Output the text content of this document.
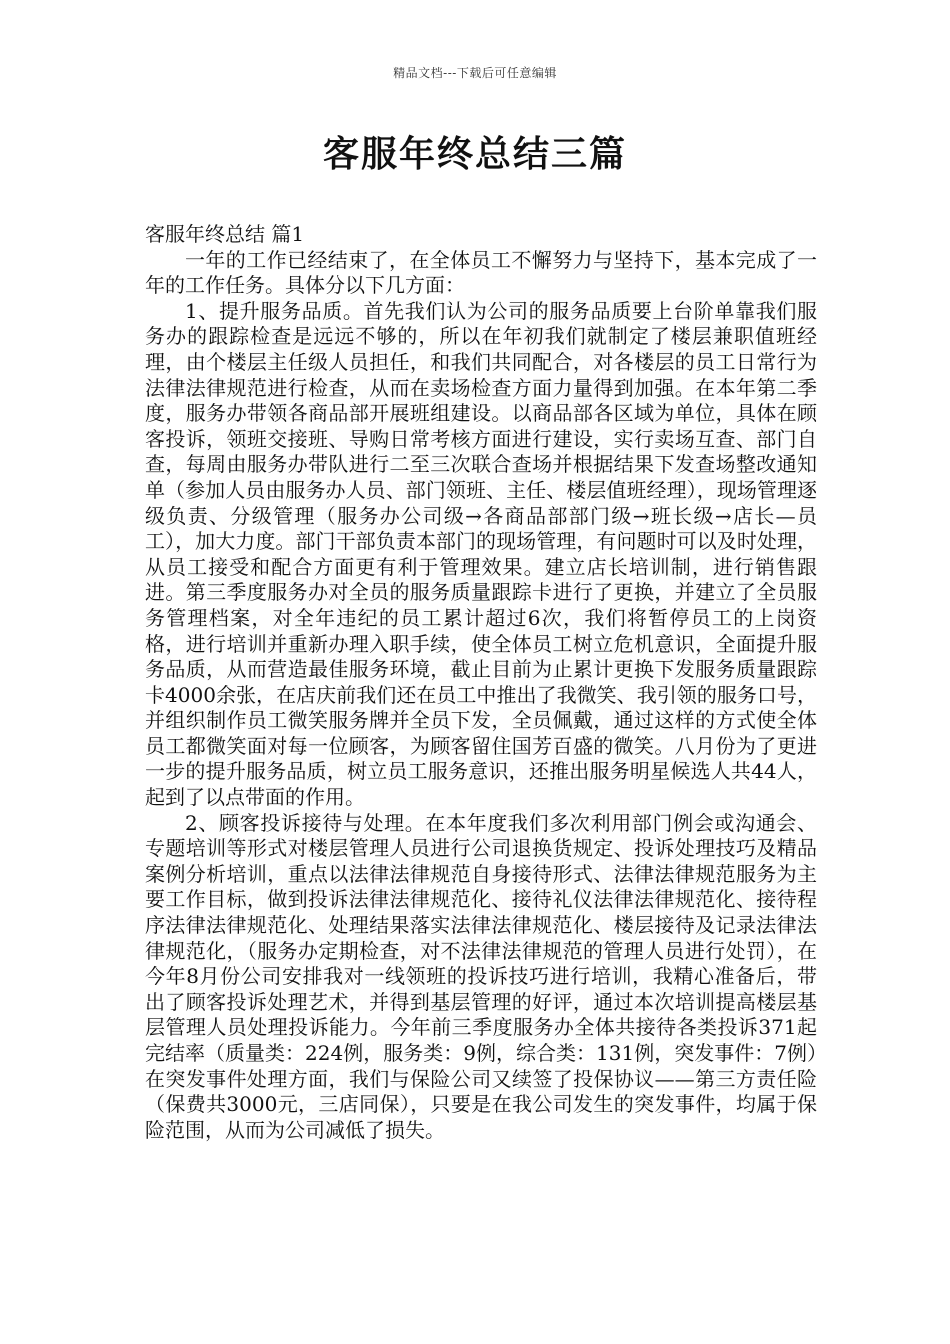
精品文档---下载后可任意编辑
客服年终总结三篇

客服年终总结 篇1

一年的工作已经结束了，在全体员工不懈努力与坚持下，基本完成了一年的工作任务。具体分以下几方面：

1、提升服务品质。首先我们认为公司的服务品质要上台阶单靠我们服务办的跟踪检查是远远不够的，所以在年初我们就制定了楼层兼职值班经理，由个楼层主任级人员担任，和我们共同配合，对各楼层的员工日常行为法律法律规范进行检查，从而在卖场检查方面力量得到加强。在本年第二季度，服务办带领各商品部开展班组建设。以商品部各区域为单位，具体在顾客投诉，领班交接班、导购日常考核方面进行建设，实行卖场互查、部门自查，每周由服务办带队进行二至三次联合查场并根据结果下发查场整改通知单（参加人员由服务办人员、部门领班、主任、楼层值班经理），现场管理逐级负责、分级管理（服务办公司级→各商品部部门级→班长级→店长—员工），加大力度。部门干部负责本部门的现场管理，有问题时可以及时处理，从员工接受和配合方面更有利于管理效果。建立店长培训制，进行销售跟进。第三季度服务办对全员的服务质量跟踪卡进行了更换，并建立了全员服务管理档案，对全年违纪的员工累计超过6次，我们将暂停员工的上岗资格，进行培训并重新办理入职手续，使全体员工树立危机意识，全面提升服务品质，从而营造最佳服务环境，截止目前为止累计更换下发服务质量跟踪卡4000余张，在店庆前我们还在员工中推出了我微笑、我引领的服务口号，并组织制作员工微笑服务牌并全员下发，全员佩戴，通过这样的方式使全体员工都微笑面对每一位顾客，为顾客留住国芳百盛的微笑。八月份为了更进一步的提升服务品质，树立员工服务意识，还推出服务明星候选人共44人，起到了以点带面的作用。

2、顾客投诉接待与处理。在本年度我们多次利用部门例会或沟通会、专题培训等形式对楼层管理人员进行公司退换货规定、投诉处理技巧及精品案例分析培训，重点以法律法律规范自身接待形式、法律法律规范服务为主要工作目标，做到投诉法律法律规范化、接待礼仪法律法律规范化、接待程序法律法律规范化、处理结果落实法律法律规范化、楼层接待及记录法律法律规范化，（服务办定期检查，对不法律法律规范的管理人员进行处罚），在今年8月份公司安排我对一线领班的投诉技巧进行培训，我精心准备后，带出了顾客投诉处理艺术，并得到基层管理的好评，通过本次培训提高楼层基层管理人员处理投诉能力。今年前三季度服务办全体共接待各类投诉371起完结率（质量类：224例，服务类：9例，综合类：131例，突发事件：7例）在突发事件处理方面，我们与保险公司又续签了投保协议——第三方责任险（保费共3000元，三店同保），只要是在我公司发生的突发事件，均属于保险范围，从而为公司减低了损失。
